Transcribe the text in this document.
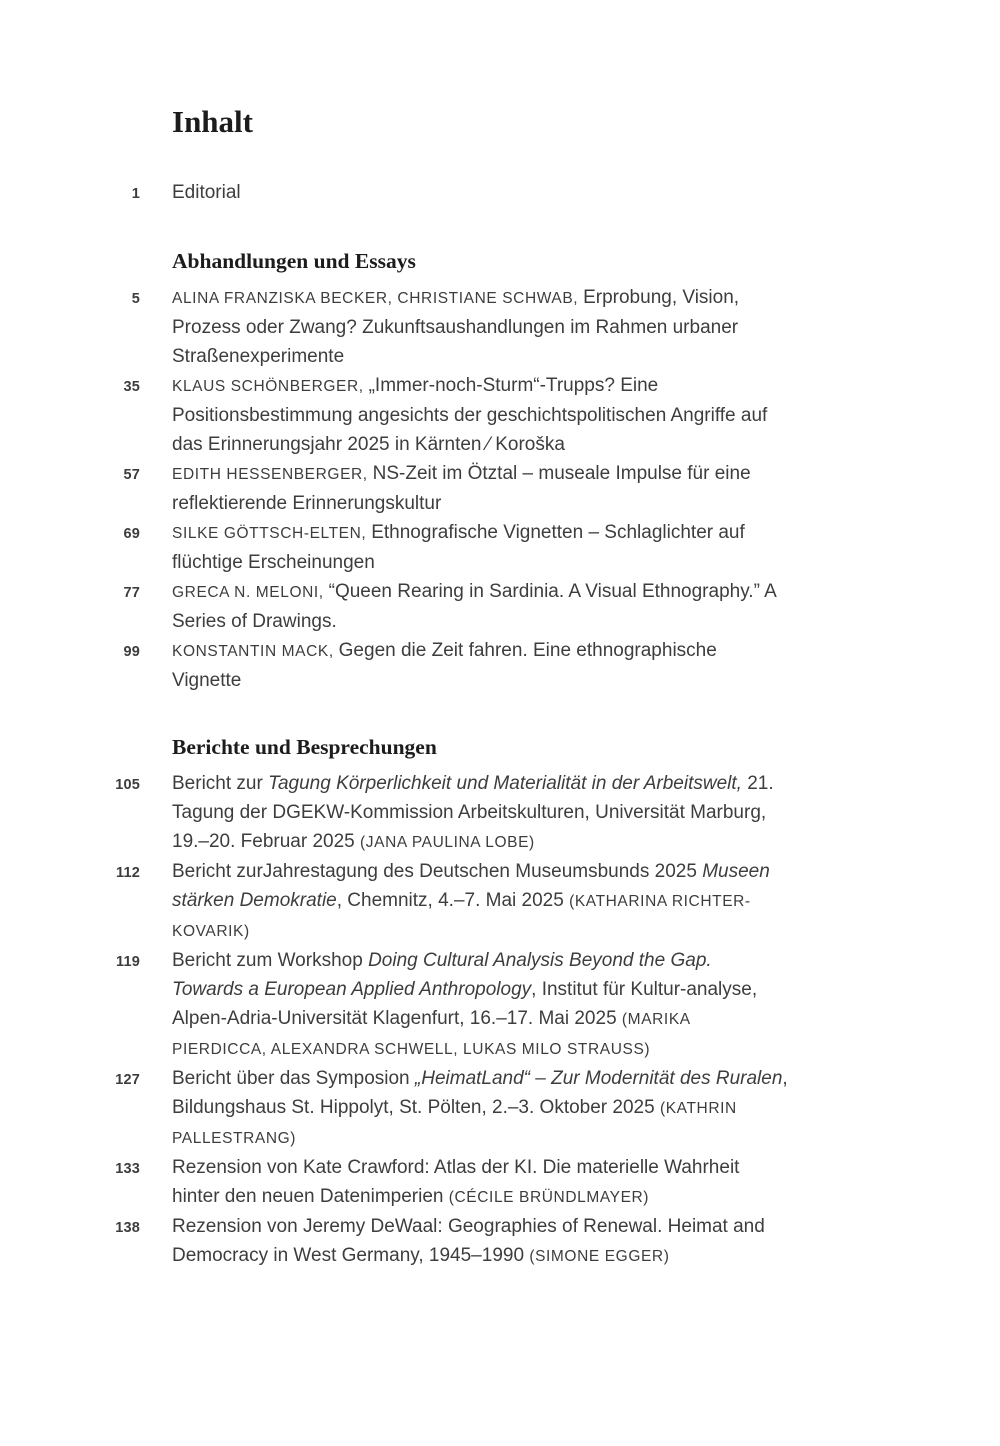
Inhalt
1 Editorial
Abhandlungen und Essays
5 ALINA FRANZISKA BECKER, CHRISTIANE SCHWAB, Erprobung, Vision, Prozess oder Zwang? Zukunftsaushandlungen im Rahmen urbaner Straßenexperimente
35 KLAUS SCHÖNBERGER, „Immer-noch-Sturm“-Trupps? Eine Positionsbestimmung angesichts der geschichtspolitischen Angriffe auf das Erinnerungsjahr 2025 in Kärnten ⁄ Koroška
57 EDITH HESSENBERGER, NS-Zeit im Ötztal – museale Impulse für eine reflektierende Erinnerungskultur
69 SILKE GÖTTSCH-ELTEN, Ethnografische Vignetten – Schlaglichter auf flüchtige Erscheinungen
77 GRECA N. MELONI, “Queen Rearing in Sardinia. A Visual Ethnography.” A Series of Drawings.
99 KONSTANTIN MACK, Gegen die Zeit fahren. Eine ethnographische Vignette
Berichte und Besprechungen
105 Bericht zur Tagung Körperlichkeit und Materialität in der Arbeitswelt, 21. Tagung der DGEKW-Kommission Arbeitskulturen, Universität Marburg, 19.–20. Februar 2025 (JANA PAULINA LOBE)
112 Bericht zurJahrestagung des Deutschen Museumsbunds 2025 Museen stärken Demokratie, Chemnitz, 4.–7. Mai 2025 (KATHARINA RICHTER-KOVARIK)
119 Bericht zum Workshop Doing Cultural Analysis Beyond the Gap. Towards a European Applied Anthropology, Institut für Kultur-analyse, Alpen-Adria-Universität Klagenfurt, 16.–17. Mai 2025 (MARIKA PIERDICCA, ALEXANDRA SCHWELL, LUKAS MILO STRAUSS)
127 Bericht über das Symposion „HeimatLand“ – Zur Modernität des Ruralen, Bildungshaus St. Hippolyt, St. Pölten, 2.–3. Oktober 2025 (KATHRIN PALLESTRANG)
133 Rezension von Kate Crawford: Atlas der KI. Die materielle Wahrheit hinter den neuen Datenimperien (CÉCILE BRÜNDLMAYER)
138 Rezension von Jeremy DeWaal: Geographies of Renewal. Heimat and Democracy in West Germany, 1945–1990 (SIMONE EGGER)
